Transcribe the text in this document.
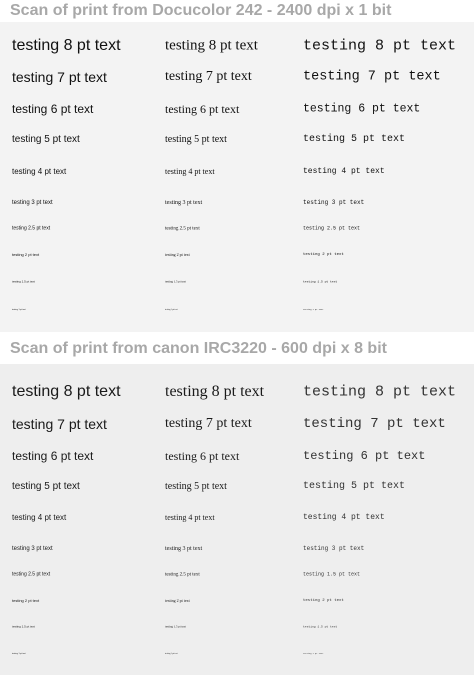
Scan of print from Docucolor 242 - 2400 dpi x 1 bit
testing 8 pt text	testing 8 pt text	testing 8 pt text
testing 7 pt text	testing 7 pt text	testing 7 pt text
testing 6 pt text	testing 6 pt text	testing 6 pt text
testing 5 pt text	testing 5 pt text	testing 5 pt text
testing 4 pt text	testing 4 pt text	testing 4 pt text
testing 3 pt text	testing 3 pt text	testing 3 pt text
testing 2.5 pt text	testing 2.5 pt text	testing 2.5 pt text
testing 2 pt text	testing 2 pt text	testing 2 pt text
testing 1.5 pt text	testing 1.5 pt text	testing 1.5 pt text
testing 1 pt text	testing 1 pt text	testing 1 pt text
Scan of print from canon IRC3220 - 600 dpi x 8 bit
testing 8 pt text	testing 8 pt text	testing 8 pt text
testing 7 pt text	testing 7 pt text	testing 7 pt text
testing 6 pt text	testing 6 pt text	testing 6 pt text
testing 5 pt text	testing 5 pt text	testing 5 pt text
testing 4 pt text	testing 4 pt text	testing 4 pt text
testing 3 pt text	testing 3 pt text	testing 3 pt text
testing 2.5 pt text	testing 2.5 pt text	testing 1.5 pt text
testing 2 pt text	testing 2 pt text	testing 2 pt text
testing 1.5 pt text	testing 1.5 pt text	testing 1.5 pt text
testing 1 pt text	testing 1 pt text	testing 1 pt text
